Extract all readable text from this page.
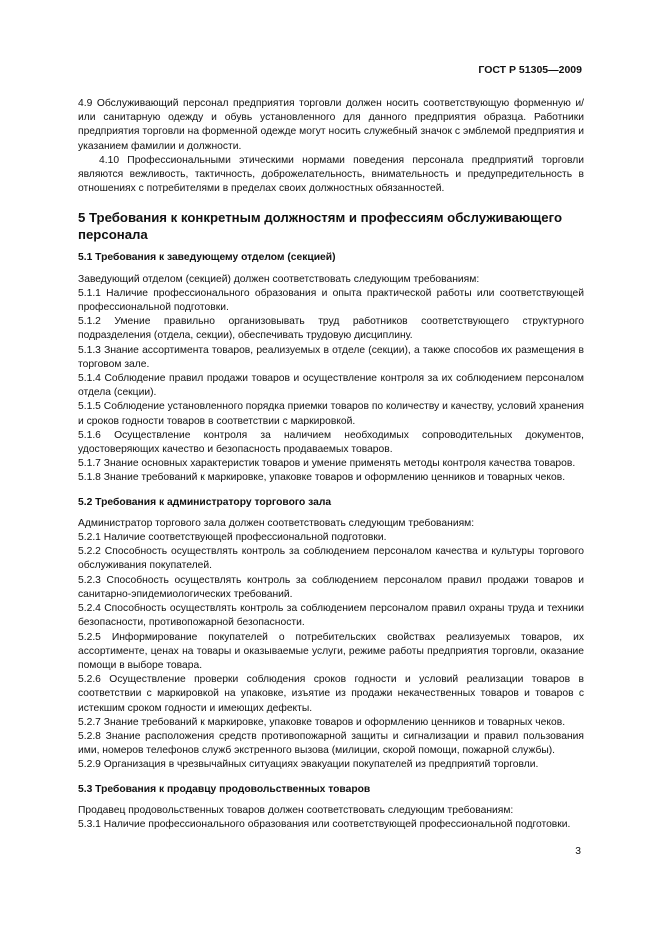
ГОСТ Р 51305—2009

4.9 Обслуживающий персонал предприятия торговли должен носить соответствующую форменную и/или санитарную одежду и обувь установленного для данного предприятия образца. Работники предприятия торговли на форменной одежде могут носить служебный значок с эмблемой предприятия и указанием фамилии и должности.

4.10 Профессиональными этическими нормами поведения персонала предприятий торговли являются вежливость, тактичность, доброжелательность, внимательность и предупредительность в отношениях с потребителями в пределах своих должностных обязанностей.

5 Требования к конкретным должностям и профессиям обслуживающего персонала
5.1 Требования к заведующему отделом (секцией)

Заведующий отделом (секцией) должен соответствовать следующим требованиям:

5.1.1 Наличие профессионального образования и опыта практической работы или соответствующей профессиональной подготовки.

5.1.2 Умение правильно организовывать труд работников соответствующего структурного подразделения (отдела, секции), обеспечивать трудовую дисциплину.

5.1.3 Знание ассортимента товаров, реализуемых в отделе (секции), а также способов их размещения в торговом зале.

5.1.4 Соблюдение правил продажи товаров и осуществление контроля за их соблюдением персоналом отдела (секции).

5.1.5 Соблюдение установленного порядка приемки товаров по количеству и качеству, условий хранения и сроков годности товаров в соответствии с маркировкой.

5.1.6 Осуществление контроля за наличием необходимых сопроводительных документов, удостоверяющих качество и безопасность продаваемых товаров.

5.1.7 Знание основных характеристик товаров и умение применять методы контроля качества товаров.

5.1.8 Знание требований к маркировке, упаковке товаров и оформлению ценников и товарных чеков.

5.2 Требования к администратору торгового зала

Администратор торгового зала должен соответствовать следующим требованиям:

5.2.1 Наличие соответствующей профессиональной подготовки.

5.2.2 Способность осуществлять контроль за соблюдением персоналом качества и культуры торгового обслуживания покупателей.

5.2.3 Способность осуществлять контроль за соблюдением персоналом правил продажи товаров и санитарно-эпидемиологических требований.

5.2.4 Способность осуществлять контроль за соблюдением персоналом правил охраны труда и техники безопасности, противопожарной безопасности.

5.2.5 Информирование покупателей о потребительских свойствах реализуемых товаров, их ассортименте, ценах на товары и оказываемые услуги, режиме работы предприятия торговли, оказание помощи в выборе товара.

5.2.6 Осуществление проверки соблюдения сроков годности и условий реализации товаров в соответствии с маркировкой на упаковке, изъятие из продажи некачественных товаров и товаров с истекшим сроком годности и имеющих дефекты.

5.2.7 Знание требований к маркировке, упаковке товаров и оформлению ценников и товарных чеков.

5.2.8 Знание расположения средств противопожарной защиты и сигнализации и правил пользования ими, номеров телефонов служб экстренного вызова (милиции, скорой помощи, пожарной службы).

5.2.9 Организация в чрезвычайных ситуациях эвакуации покупателей из предприятий торговли.

5.3 Требования к продавцу продовольственных товаров

Продавец продовольственных товаров должен соответствовать следующим требованиям:

5.3.1 Наличие профессионального образования или соответствующей профессиональной подготовки.

3
